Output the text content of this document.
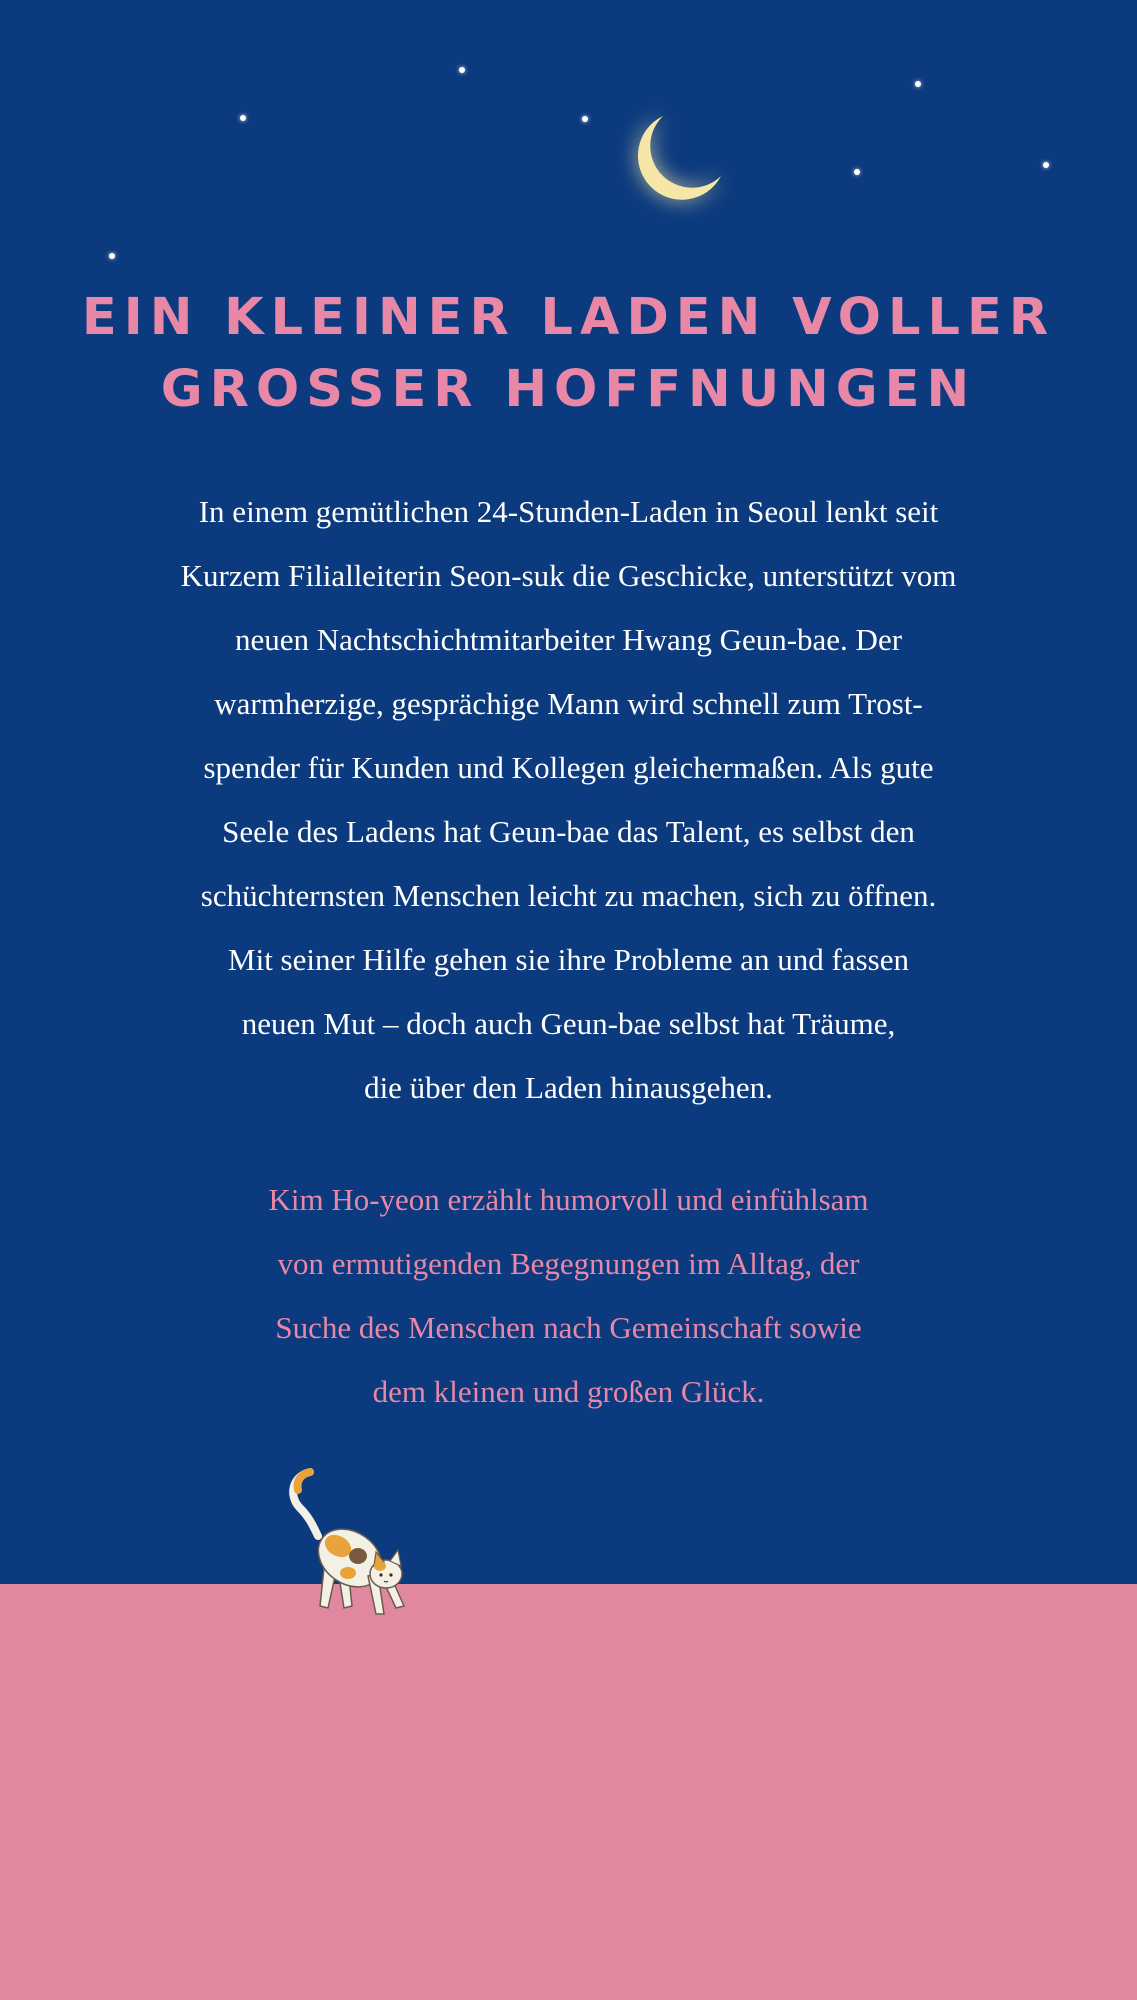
EIN KLEINER LADEN VOLLER
GROSSER HOFFNUNGEN
In einem gemütlichen 24-Stunden-Laden in Seoul lenkt seit
Kurzem Filialleiterin Seon-suk die Geschicke, unterstützt vom
neuen Nachtschichtmitarbeiter Hwang Geun-bae. Der
warmherzige, gesprächige Mann wird schnell zum Trost-
spender für Kunden und Kollegen gleichermaßen. Als gute
Seele des Ladens hat Geun-bae das Talent, es selbst den
schüchternsten Menschen leicht zu machen, sich zu öffnen.
Mit seiner Hilfe gehen sie ihre Probleme an und fassen
neuen Mut – doch auch Geun-bae selbst hat Träume,
die über den Laden hinausgehen.
Kim Ho-yeon erzählt humorvoll und einfühlsam
von ermutigenden Begegnungen im Alltag, der
Suche des Menschen nach Gemeinschaft sowie
dem kleinen und großen Glück.
